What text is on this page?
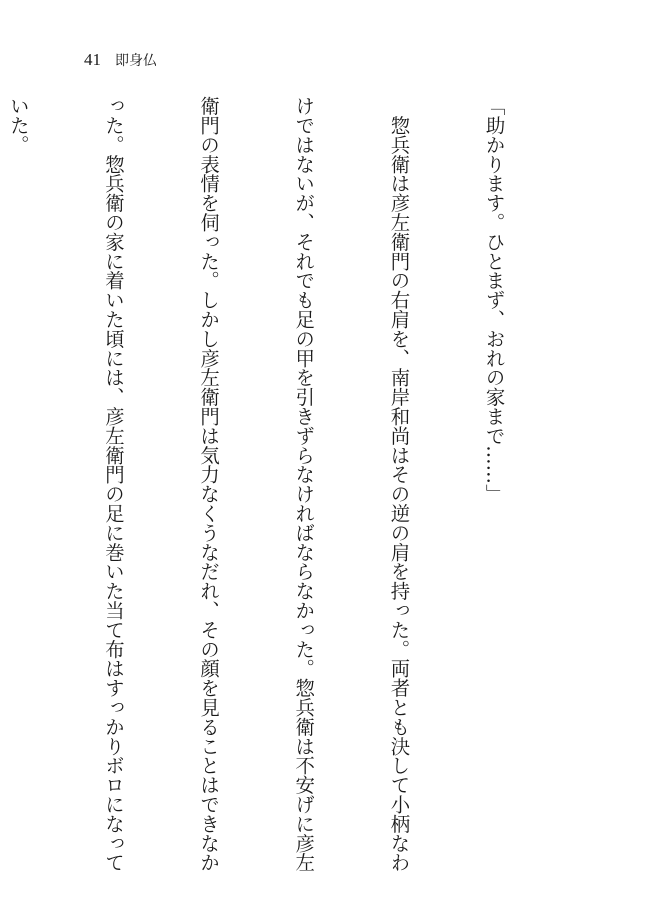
41 即身仏

「助かります。ひとまず、おれの家まで……」

　惣兵衛は彦左衛門の右肩を、南岸和尚はその逆の肩を持った。両者とも決して小柄なわ

けではないが、それでも足の甲を引きずらなければならなかった。惣兵衛は不安げに彦左

衛門の表情を伺った。しかし彦左衛門は気力なくうなだれ、その顔を見ることはできなか

った。惣兵衛の家に着いた頃には、彦左衛門の足に巻いた当て布はすっかりボロになって

いた。
